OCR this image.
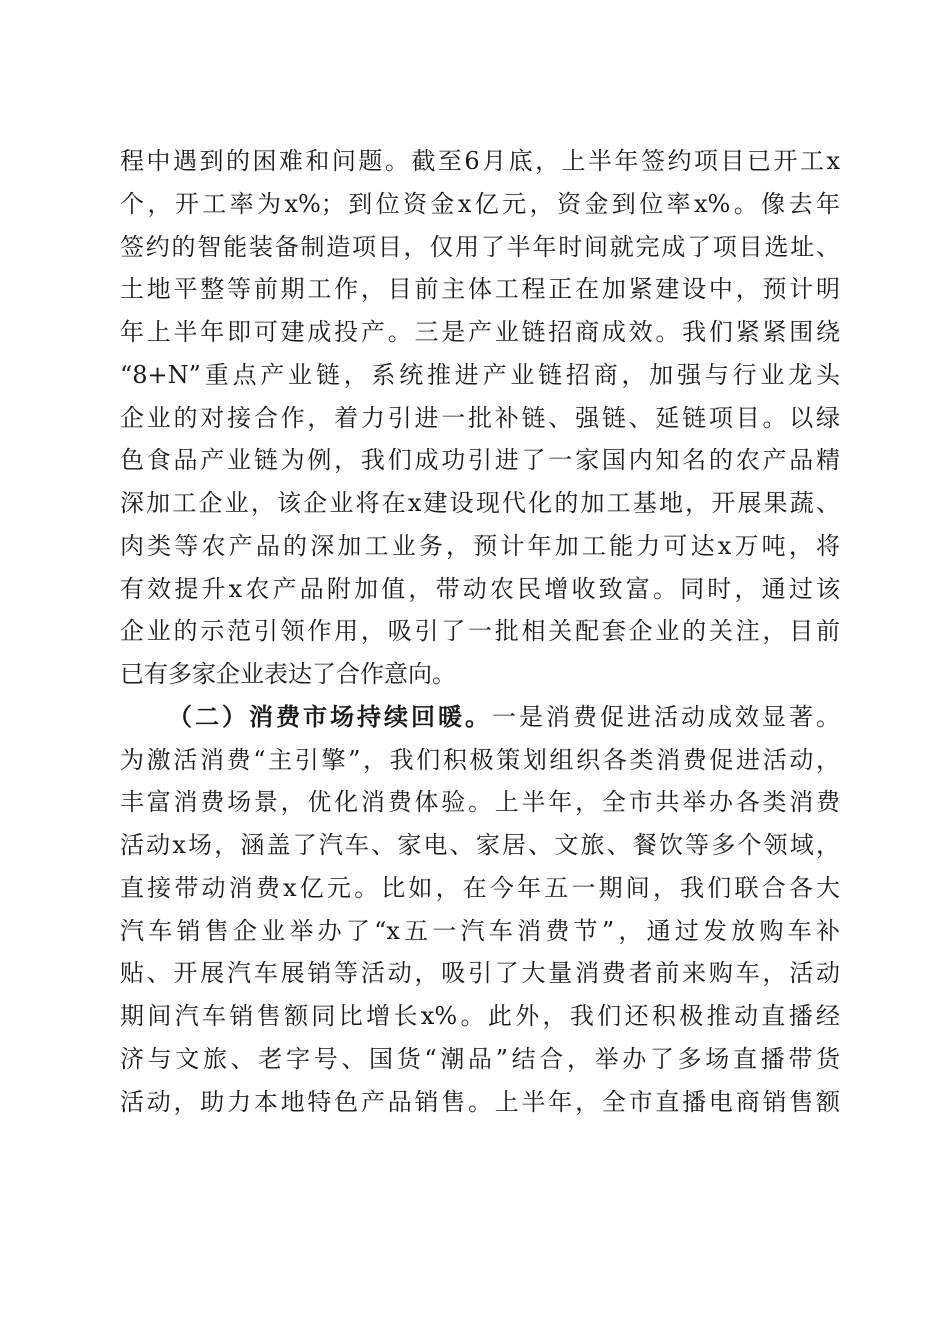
程中遇到的困难和问题。截至6月底，上半年签约项目已开工x
个，开工率为x%；到位资金x亿元，资金到位率x%。像去年
签约的智能装备制造项目，仅用了半年时间就完成了项目选址、
土地平整等前期工作，目前主体工程正在加紧建设中，预计明
年上半年即可建成投产。三是产业链招商成效。我们紧紧围绕
“8+N”重点产业链，系统推进产业链招商，加强与行业龙头
企业的对接合作，着力引进一批补链、强链、延链项目。以绿
色食品产业链为例，我们成功引进了一家国内知名的农产品精
深加工企业，该企业将在x建设现代化的加工基地，开展果蔬、
肉类等农产品的深加工业务，预计年加工能力可达x万吨，将
有效提升x农产品附加值，带动农民增收致富。同时，通过该
企业的示范引领作用，吸引了一批相关配套企业的关注，目前
已有多家企业表达了合作意向。
（二）消费市场持续回暖。一是消费促进活动成效显著。
为激活消费“主引擎”，我们积极策划组织各类消费促进活动，
丰富消费场景，优化消费体验。上半年，全市共举办各类消费
活动x场，涵盖了汽车、家电、家居、文旅、餐饮等多个领域，
直接带动消费x亿元。比如，在今年五一期间，我们联合各大
汽车销售企业举办了“x五一汽车消费节”，通过发放购车补
贴、开展汽车展销等活动，吸引了大量消费者前来购车，活动
期间汽车销售额同比增长x%。此外，我们还积极推动直播经
济与文旅、老字号、国货“潮品”结合，举办了多场直播带货
活动，助力本地特色产品销售。上半年，全市直播电商销售额
